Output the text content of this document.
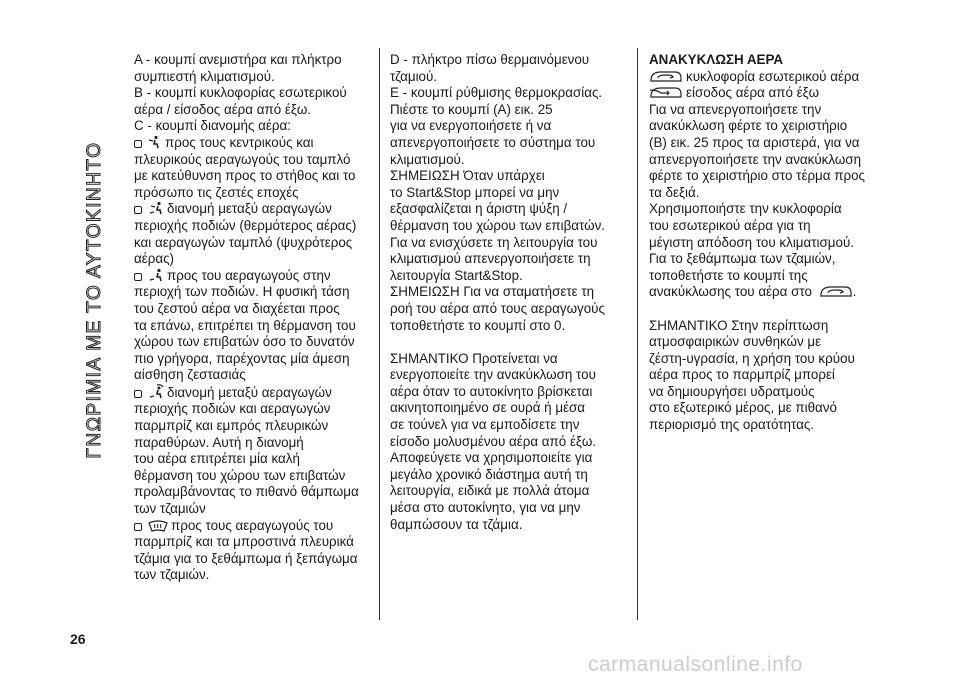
ΓΝΩΡΙΜΙΑ ΜΕ ΤΟ ΑΥΤΟΚΙΝΗΤΟ
Α - κουμπί ανεμιστήρα και πλήκτρο
συμπιεστή κλιματισμού.
Β - κουμπί κυκλοφορίας εσωτερικού
αέρα / είσοδος αέρα από έξω.
C - κουμπί διανομής αέρα:
προς τους κεντρικούς και
πλευρικούς αεραγωγούς του ταμπλό
με κατεύθυνση προς το στήθος και το
πρόσωπο τις ζεστές εποχές
διανομή μεταξύ αεραγωγών
περιοχής ποδιών (θερμότερος αέρας)
και αεραγωγών ταμπλό (ψυχρότερος
αέρας)
προς του αεραγωγούς στην
περιοχή των ποδιών. Η φυσική τάση
του ζεστού αέρα να διαχέεται προς
τα επάνω, επιτρέπει τη θέρμανση του
χώρου των επιβατών όσο το δυνατόν
πιο γρήγορα, παρέχοντας μία άμεση
αίσθηση ζεστασιάς
διανομή μεταξύ αεραγωγών
περιοχής ποδιών και αεραγωγών
παρμπρίζ και εμπρός πλευρικών
παραθύρων. Αυτή η διανομή
του αέρα επιτρέπει μία καλή
θέρμανση του χώρου των επιβατών
προλαμβάνοντας το πιθανό θάμπωμα
των τζαμιών
προς τους αεραγωγούς του
παρμπρίζ και τα μπροστινά πλευρικά
τζάμια για το ξεθάμπωμα ή ξεπάγωμα
των τζαμιών.
D - πλήκτρο πίσω θερμαινόμενου
τζαμιού.
E - κουμπί ρύθμισης θερμοκρασίας.
Πιέστε το κουμπί (A) εικ. 25
για να ενεργοποιήσετε ή να
απενεργοποιήσετε το σύστημα του
κλιματισμού.
ΣΗΜΕΙΩΣΗ Όταν υπάρχει
το Start&Stop μπορεί να μην
εξασφαλίζεται η άριστη ψύξη /
θέρμανση του χώρου των επιβατών.
Για να ενισχύσετε τη λειτουργία του
κλιματισμού απενεργοποιήσετε τη
λειτουργία Start&Stop.
ΣΗΜΕΙΩΣΗ Για να σταματήσετε τη
ροή του αέρα από τους αεραγωγούς
τοποθετήστε το κουμπί στο 0.
ΣΗΜΑΝΤΙΚΟ Προτείνεται να
ενεργοποιείτε την ανακύκλωση του
αέρα όταν το αυτοκίνητο βρίσκεται
ακινητοποιημένο σε ουρά ή μέσα
σε τούνελ για να εμποδίσετε την
είσοδο μολυσμένου αέρα από έξω.
Αποφεύγετε να χρησιμοποιείτε για
μεγάλο χρονικό διάστημα αυτή τη
λειτουργία, ειδικά με πολλά άτομα
μέσα στο αυτοκίνητο, για να μην
θαμπώσουν τα τζάμια.
ΑΝΑΚΥΚΛΩΣΗ ΑΕΡΑ
κυκλοφορία εσωτερικού αέρα
είσοδος αέρα από έξω
Για να απενεργοποιήσετε την
ανακύκλωση φέρτε το χειριστήριο
(B) εικ. 25 προς τα αριστερά, για να
απενεργοποιήσετε την ανακύκλωση
φέρτε το χειριστήριο στο τέρμα προς
τα δεξιά.
Χρησιμοποιήστε την κυκλοφορία
του εσωτερικού αέρα για τη
μέγιστη απόδοση του κλιματισμού.
Για το ξεθάμπωμα των τζαμιών,
τοποθετήστε το κουμπί της
ανακύκλωσης του αέρα στο	.
ΣΗΜΑΝΤΙΚΟ Στην περίπτωση
ατμοσφαιρικών συνθηκών με
ζέστη-υγρασία, η χρήση του κρύου
αέρα προς το παρμπρίζ μπορεί
να δημιουργήσει υδρατμούς
στο εξωτερικό μέρος, με πιθανό
περιορισμό της ορατότητας.
26
carmanualsonline.info
